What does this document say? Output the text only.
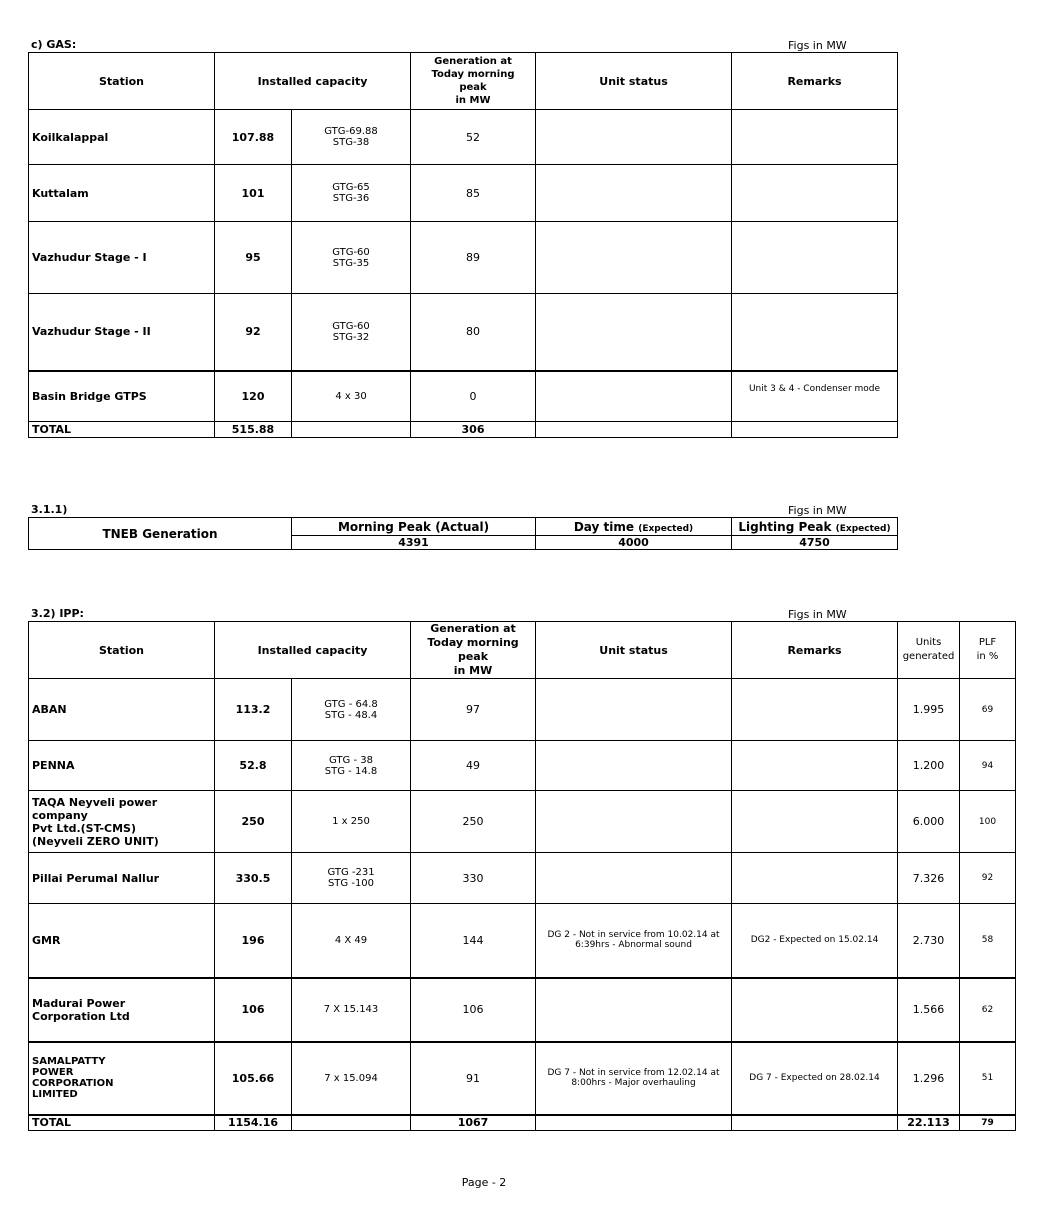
c) GAS:	Figs in MW
Station	Installed capacity		Generation at
Today morning
peak
in MW	Unit status	Remarks
Koilkalappal	107.88	GTG-69.88
STG-38	52		
Kuttalam	101	GTG-65
STG-36	85		
Vazhudur Stage - I	95	GTG-60
STG-35	89		
Vazhudur Stage - II	92	GTG-60
STG-32	80		
Basin Bridge GTPS	120	4 x 30	0		Unit 3 & 4 - Condenser mode
TOTAL	515.88		306		
3.1.1)	Figs in MW
TNEB Generation	Morning Peak (Actual)	Day time (Expected)	Lighting Peak (Expected)
	4391	4000	4750
3.2) IPP:	Figs in MW
Station	Installed capacity		Generation at
Today morning peak
in MW	Unit status	Remarks	Units
generated	PLF
in %
ABAN	113.2	GTG - 64.8
STG - 48.4	97			1.995	69
PENNA	52.8	GTG - 38
STG - 14.8	49			1.200	94
TAQA Neyveli power company
Pvt Ltd.(ST-CMS)
(Neyveli ZERO UNIT)	250	1 x 250	250			6.000	100
Pillai Perumal Nallur	330.5	GTG -231
STG -100	330			7.326	92
GMR	196	4 X 49	144	DG 2 - Not in service from 10.02.14 at
6:39hrs - Abnormal sound	DG2 - Expected on 15.02.14	2.730	58
Madurai Power
Corporation Ltd	106	7 X 15.143	106			1.566	62
SAMALPATTY
POWER
CORPORATION
LIMITED	105.66	7 x 15.094	91	DG 7 - Not in service from 12.02.14 at
8:00hrs - Major overhauling	DG 7 - Expected on 28.02.14	1.296	51
TOTAL	1154.16		1067			22.113	79
Page - 2
